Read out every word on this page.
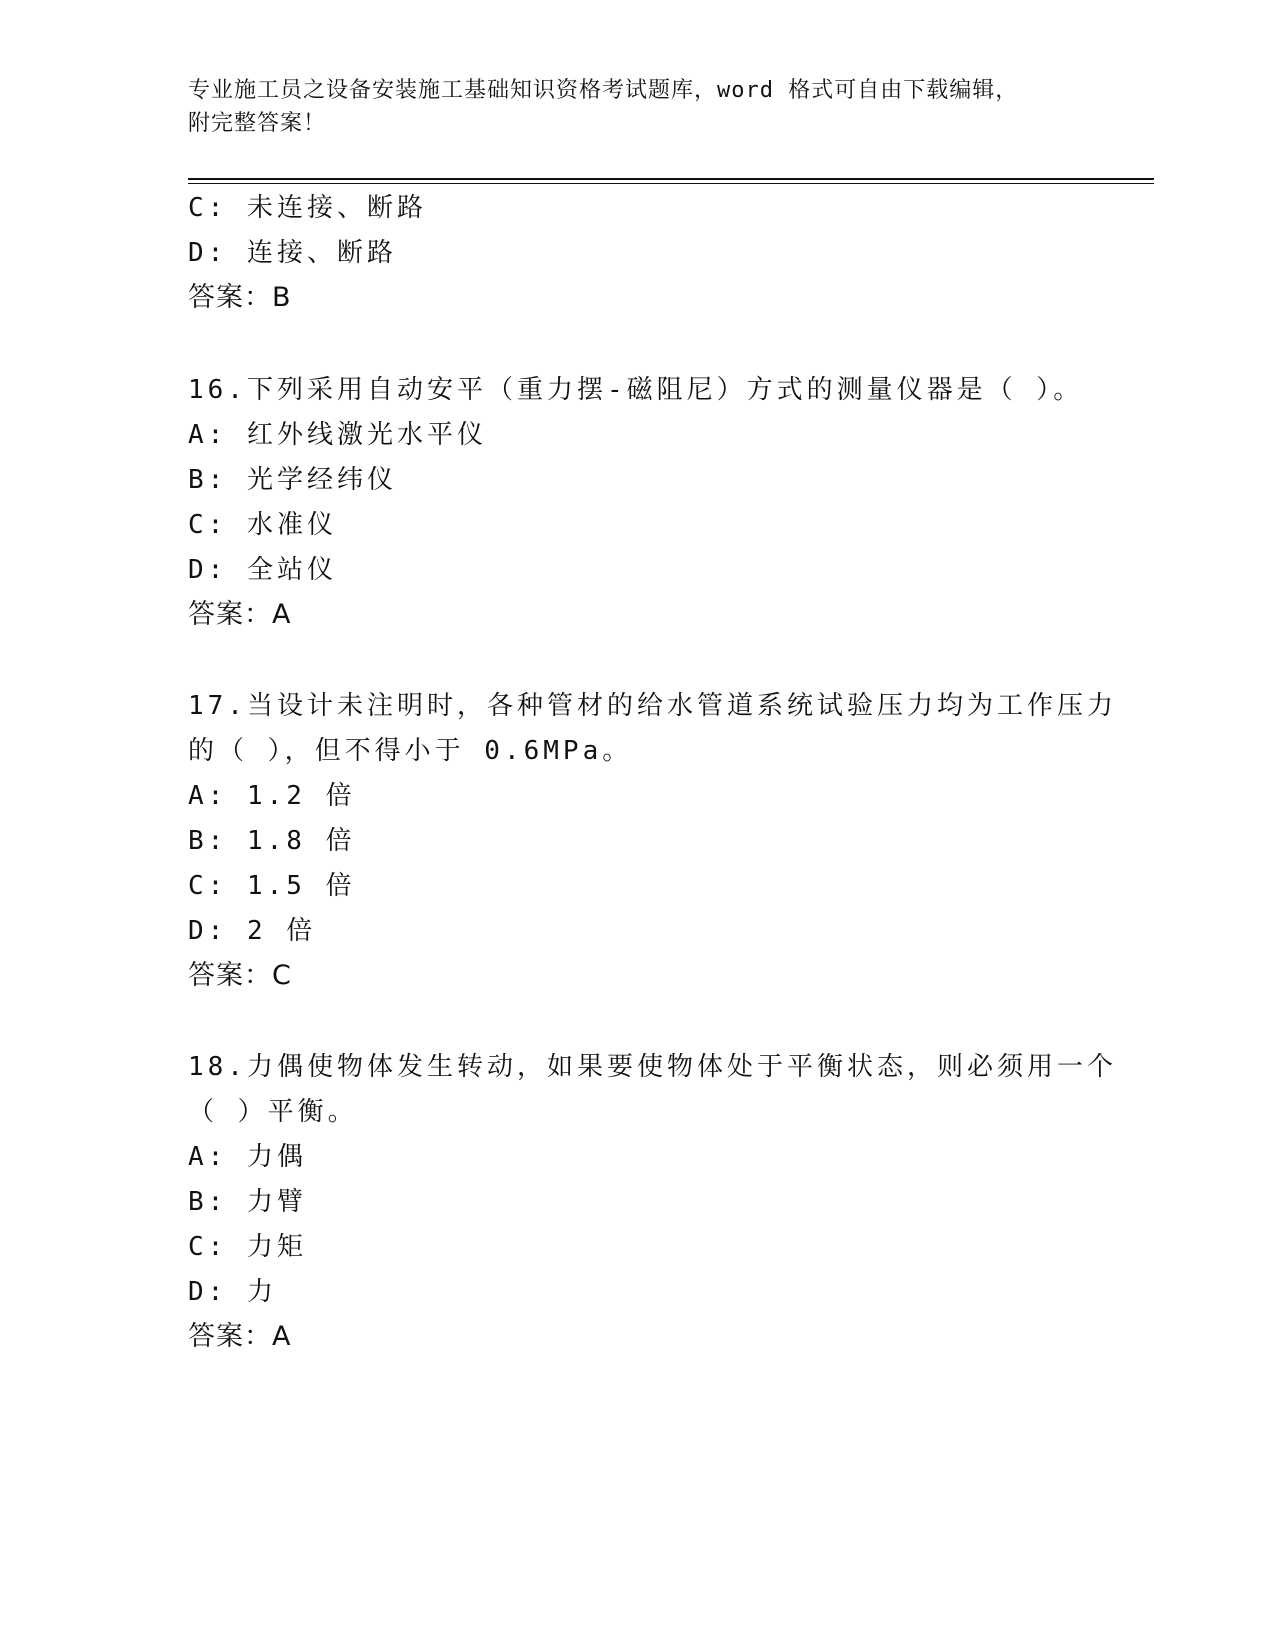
专业施工员之设备安装施工基础知识资格考试题库，word 格式可自由下载编辑，
附完整答案！
C: 未连接、断路
D: 连接、断路
答案：B
16.下列采用自动安平（重力摆-磁阻尼）方式的测量仪器是（ ）。
A: 红外线激光水平仪
B: 光学经纬仪
C: 水准仪
D: 全站仪
答案：A
17.当设计未注明时，各种管材的给水管道系统试验压力均为工作压力
的（ ），但不得小于 0.6MPa。
A: 1.2 倍
B: 1.8 倍
C: 1.5 倍
D: 2 倍
答案：C
18.力偶使物体发生转动，如果要使物体处于平衡状态，则必须用一个
（ ）平衡。
A: 力偶
B: 力臂
C: 力矩
D: 力
答案：A
